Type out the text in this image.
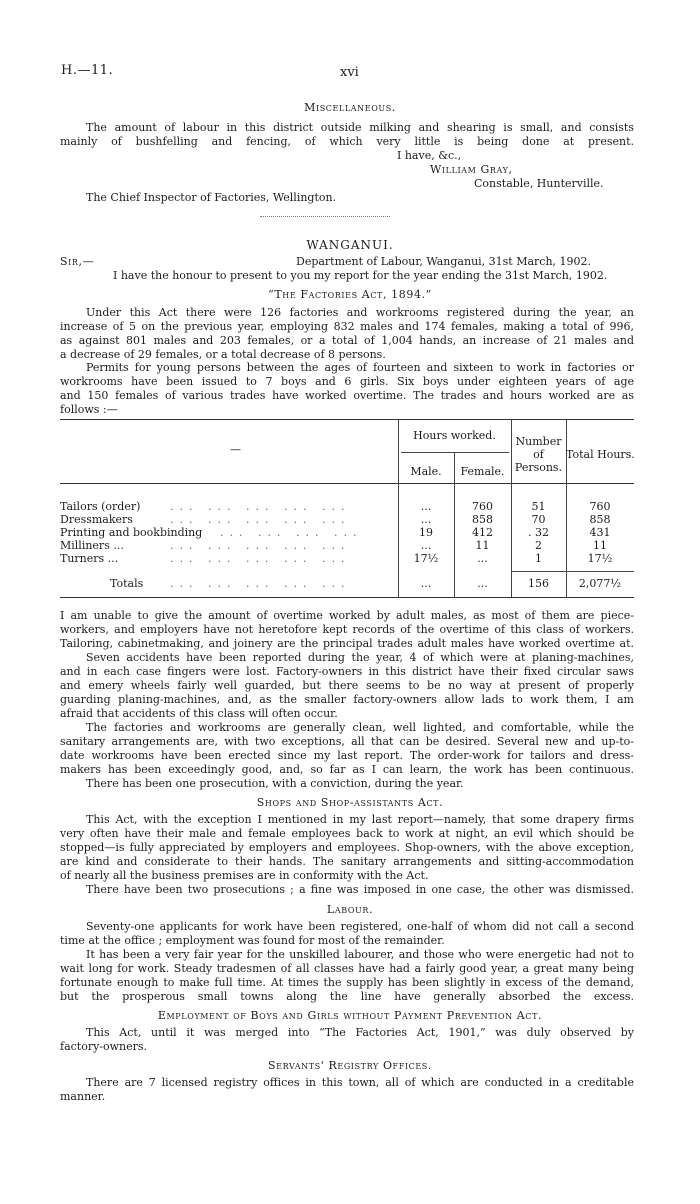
H.—11.	xvi
Miscellaneous.
The amount of labour in this district outside milking and shearing is small, and consists
mainly of bushfelling and fencing, of which very little is being done at present.
I have, &c.,
William Gray,
Constable, Hunterville.
The Chief Inspector of Factories, Wellington.
WANGANUI.
Sir,—	Department of Labour, Wanganui, 31st March, 1902.
I have the honour to present to you my report for the year ending the 31st March, 1902.
“The Factories Act, 1894.”
Under this Act there were 126 factories and workrooms registered during the year, an
increase of 5 on the previous year, employing 832 males and 174 females, making a total of 996,
as against 801 males and 203 females, or a total of 1,004 hands, an increase of 21 males and
a decrease of 29 females, or a total decrease of 8 persons.
Permits for young persons between the ages of fourteen and sixteen to work in factories or
workrooms have been issued to 7 boys and 6 girls. Six boys under eighteen years of age
and 150 females of various trades have worked overtime. The trades and hours worked are as
follows :—
—
Hours worked.
Male.	Female.
Number
of
Persons.
Total Hours.
Tailors (order)	... ... ... ... ...	...	760	51	760
Dressmakers	... ... ... ... ...	...	858	70	858
Printing and bookbinding ... ... ... ...	19	412	. 32	431
Milliners ...	... ... ... ... ...	...	11	2	11
Turners ...	... ... ... ... ...	17½	...	1	17½
Totals ... ... ... ... ...	...	...	156	2,077½
I am unable to give the amount of overtime worked by adult males, as most of them are piece-
workers, and employers have not heretofore kept records of the overtime of this class of workers.
Tailoring, cabinetmaking, and joinery are the principal trades adult males have worked overtime at.
Seven accidents have been reported during the year, 4 of which were at planing-machines,
and in each case fingers were lost. Factory-owners in this district have their fixed circular saws
and emery wheels fairly well guarded, but there seems to be no way at present of properly
guarding planing-machines, and, as the smaller factory-owners allow lads to work them, I am
afraid that accidents of this class will often occur.
The factories and workrooms are generally clean, well lighted, and comfortable, while the
sanitary arrangements are, with two exceptions, all that can be desired. Several new and up-to-
date workrooms have been erected since my last report. The order-work for tailors and dress-
makers has been exceedingly good, and, so far as I can learn, the work has been continuous.
There has been one prosecution, with a conviction, during the year.
Shops and Shop-assistants Act.
This Act, with the exception I mentioned in my last report—namely, that some drapery firms
very often have their male and female employees back to work at night, an evil which should be
stopped—is fully appreciated by employers and employees. Shop-owners, with the above exception,
are kind and considerate to their hands. The sanitary arrangements and sitting-accommodation
of nearly all the business premises are in conformity with the Act.
There have been two prosecutions ; a fine was imposed in one case, the other was dismissed.
Labour.
Seventy-one applicants for work have been registered, one-half of whom did not call a second
time at the office ; employment was found for most of the remainder.
It has been a very fair year for the unskilled labourer, and those who were energetic had not to
wait long for work. Steady tradesmen of all classes have had a fairly good year, a great many being
fortunate enough to make full time. At times the supply has been slightly in excess of the demand,
but the prosperous small towns along the line have generally absorbed the excess.
Employment of Boys and Girls without Payment Prevention Act.
This Act, until it was merged into “The Factories Act, 1901,” was duly observed by
factory-owners.
Servants' Registry Offices.
There are 7 licensed registry offices in this town, all of which are conducted in a creditable
manner.
